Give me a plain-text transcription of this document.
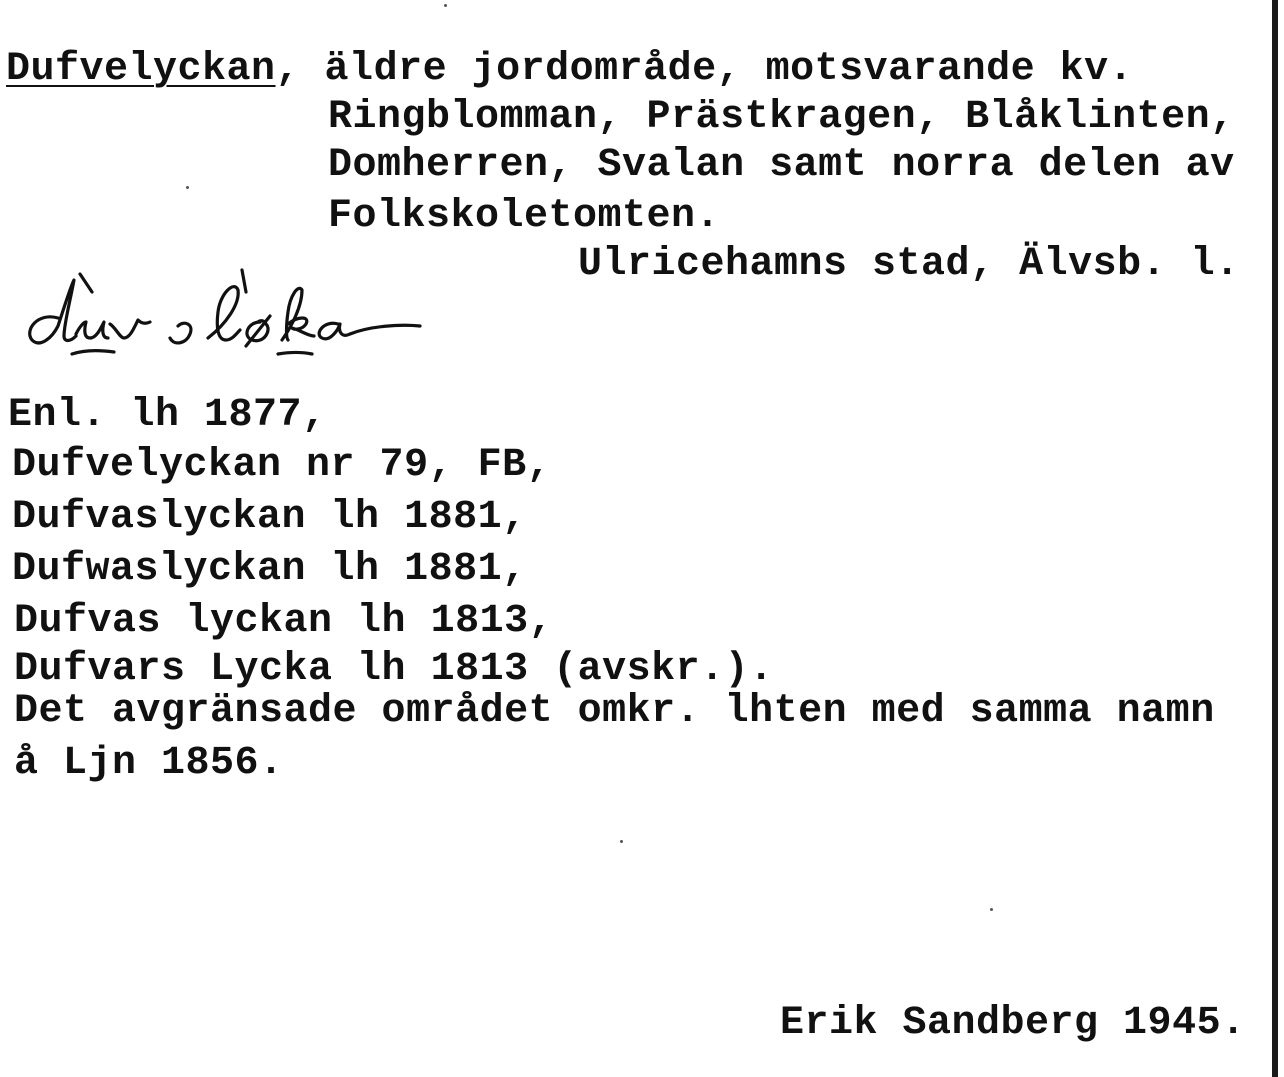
Dufvelyckan, äldre jordområde, motsvarande kv.
Ringblomman, Prästkragen, Blåklinten,
Domherren, Svalan samt norra delen av
Folkskoletomten.
Ulricehamns stad, Älvsb. l.
Enl. lh 1877,
Dufvelyckan nr 79, FB,
Dufvaslyckan lh 1881,
Dufwaslyckan lh 1881,
Dufvas lyckan lh 1813,
Dufvars Lycka lh 1813 (avskr.).
Det avgränsade området omkr. lhten med samma namn
å Ljn 1856.
Erik Sandberg 1945.
